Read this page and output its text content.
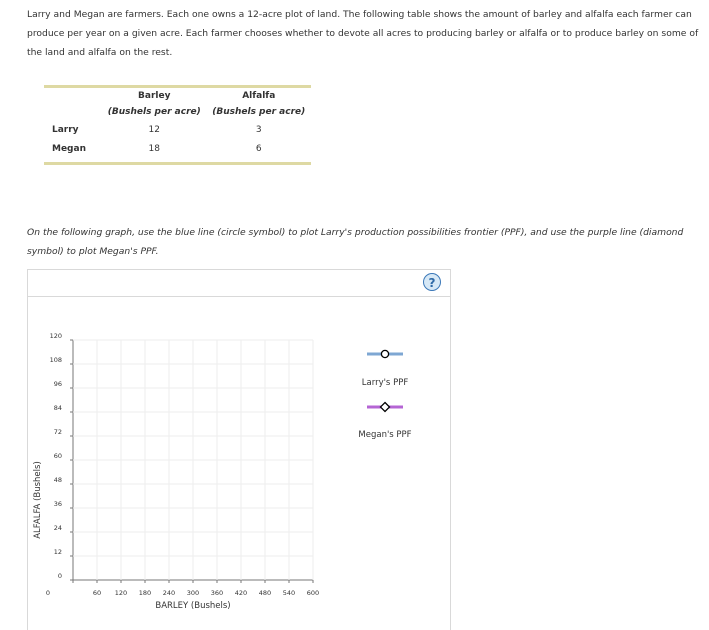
Larry and Megan are farmers. Each one owns a 12-acre plot of land. The following table shows the amount of barley and alfalfa each farmer can produce per year on a given acre. Each farmer chooses whether to devote all acres to producing barley or alfalfa or to produce barley on some of the land and alfalfa on the rest.
	Barley	Alfalfa
	(Bushels per acre)	(Bushels per acre)
Larry	12	3
Megan	18	6
On the following graph, use the blue line (circle symbol) to plot Larry's production possibilities frontier (PPF), and use the purple line (diamond symbol) to plot Megan's PPF.
?
120
108
96
84
72
60
48
36
24
12
0
600
540
480
420
360
300
240
180
120
60
0
ALFALFA (Bushels)
BARLEY (Bushels)
Larry's PPF
Megan's PPF
